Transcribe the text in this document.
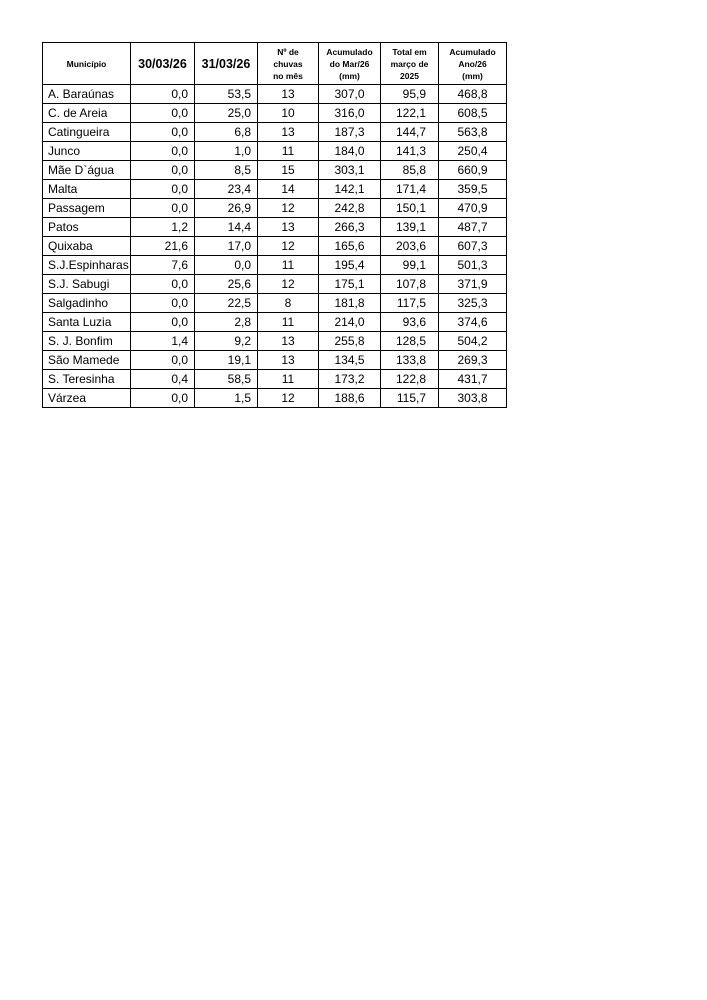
Município	30/03/26	31/03/26	Nº de
chuvas
no mês	Acumulado
do Mar/26
(mm)	Total em
março de
2025	Acumulado
Ano/26
(mm)

A. Baraúnas	0,0	53,5	13	307,0	95,9	468,8
C. de Areia	0,0	25,0	10	316,0	122,1	608,5
Catingueira	0,0	6,8	13	187,3	144,7	563,8
Junco	0,0	1,0	11	184,0	141,3	250,4
Mãe D`água	0,0	8,5	15	303,1	85,8	660,9
Malta	0,0	23,4	14	142,1	171,4	359,5
Passagem	0,0	26,9	12	242,8	150,1	470,9
Patos	1,2	14,4	13	266,3	139,1	487,7
Quixaba	21,6	17,0	12	165,6	203,6	607,3
S.J.Espinharas	7,6	0,0	11	195,4	99,1	501,3
S.J. Sabugi	0,0	25,6	12	175,1	107,8	371,9
Salgadinho	0,0	22,5	8	181,8	117,5	325,3
Santa Luzia	0,0	2,8	11	214,0	93,6	374,6
S. J. Bonfim	1,4	9,2	13	255,8	128,5	504,2
São Mamede	0,0	19,1	13	134,5	133,8	269,3
S. Teresinha	0,4	58,5	11	173,2	122,8	431,7
Várzea	0,0	1,5	12	188,6	115,7	303,8
